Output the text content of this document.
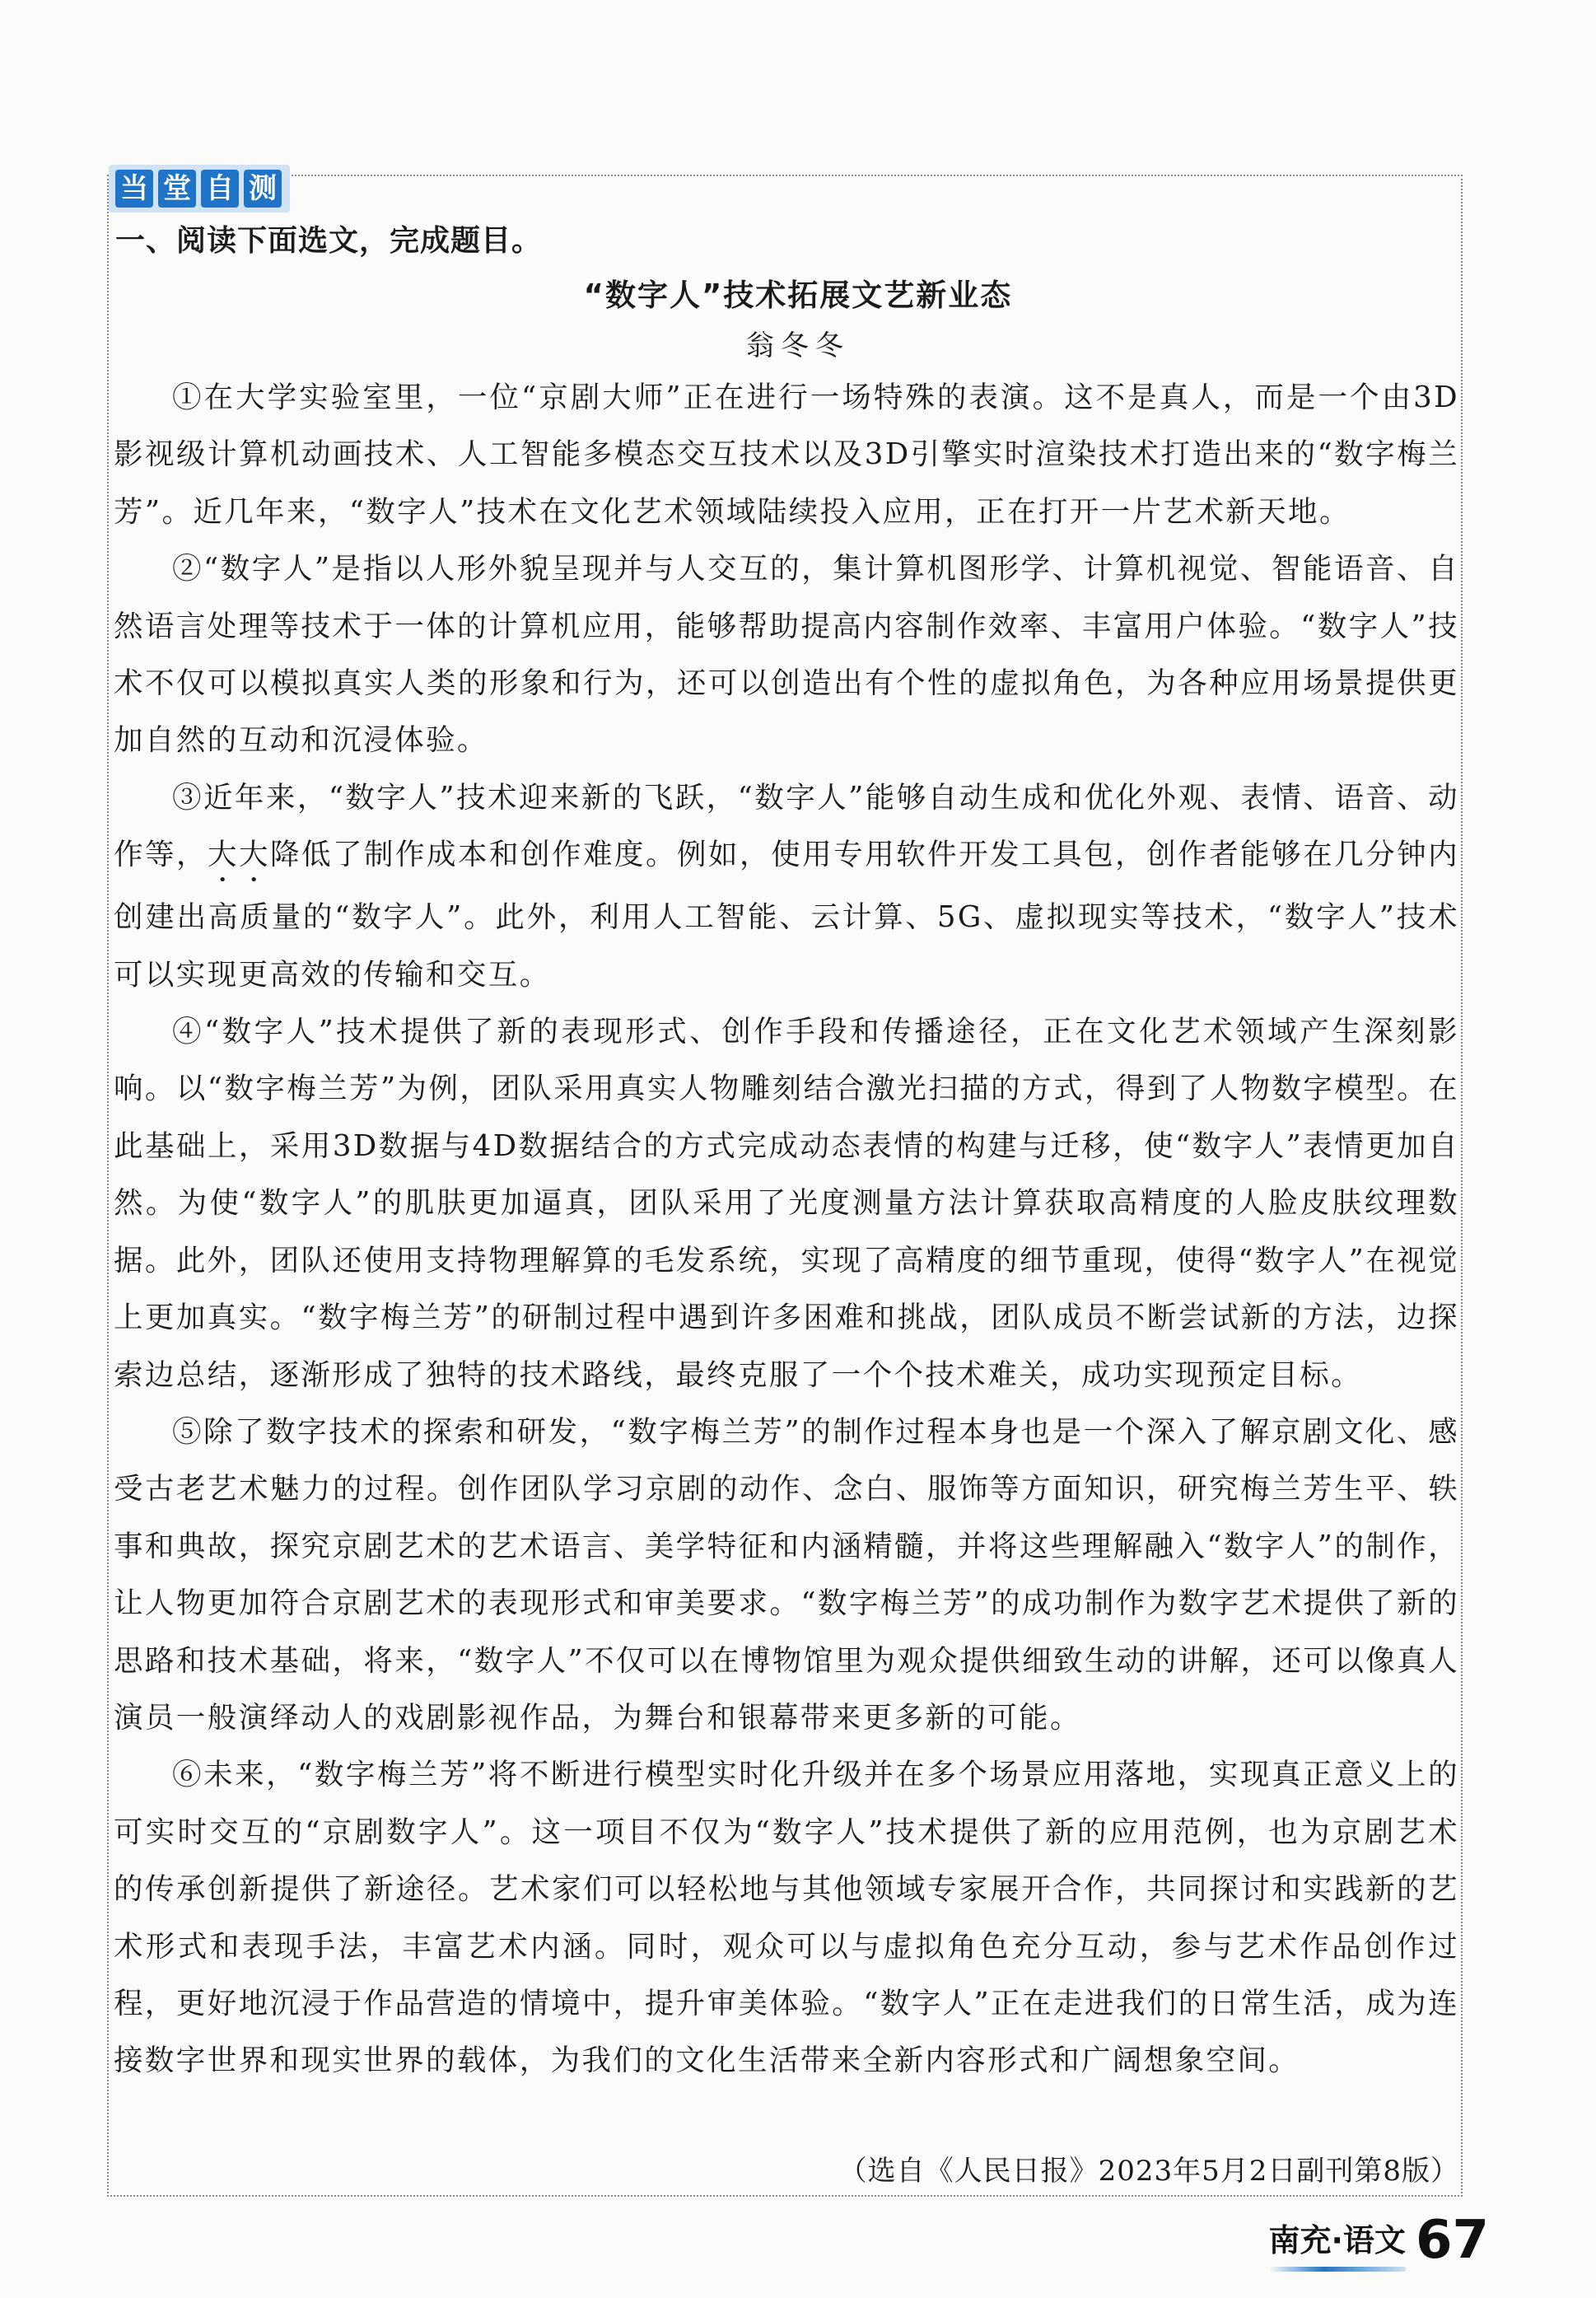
当 堂 自 测
一、阅读下面选文，完成题目。
“数字人”技术拓展文艺新业态
翁冬冬

①在大学实验室里，一位“京剧大师”正在进行一场特殊的表演。这不是真人，而是一个由3D影视级计算机动画技术、人工智能多模态交互技术以及3D引擎实时渲染技术打造出来的“数字梅兰芳”。近几年来，“数字人”技术在文化艺术领域陆续投入应用，正在打开一片艺术新天地。

②“数字人”是指以人形外貌呈现并与人交互的，集计算机图形学、计算机视觉、智能语音、自然语言处理等技术于一体的计算机应用，能够帮助提高内容制作效率、丰富用户体验。“数字人”技术不仅可以模拟真实人类的形象和行为，还可以创造出有个性的虚拟角色，为各种应用场景提供更加自然的互动和沉浸体验。

③近年来，“数字人”技术迎来新的飞跃，“数字人”能够自动生成和优化外观、表情、语音、动作等，大大降低了制作成本和创作难度。例如，使用专用软件开发工具包，创作者能够在几分钟内创建出高质量的“数字人”。此外，利用人工智能、云计算、5G、虚拟现实等技术，“数字人”技术可以实现更高效的传输和交互。

④“数字人”技术提供了新的表现形式、创作手段和传播途径，正在文化艺术领域产生深刻影响。以“数字梅兰芳”为例，团队采用真实人物雕刻结合激光扫描的方式，得到了人物数字模型。在此基础上，采用3D数据与4D数据结合的方式完成动态表情的构建与迁移，使“数字人”表情更加自然。为使“数字人”的肌肤更加逼真，团队采用了光度测量方法计算获取高精度的人脸皮肤纹理数据。此外，团队还使用支持物理解算的毛发系统，实现了高精度的细节重现，使得“数字人”在视觉上更加真实。“数字梅兰芳”的研制过程中遇到许多困难和挑战，团队成员不断尝试新的方法，边探索边总结，逐渐形成了独特的技术路线，最终克服了一个个技术难关，成功实现预定目标。

⑤除了数字技术的探索和研发，“数字梅兰芳”的制作过程本身也是一个深入了解京剧文化、感受古老艺术魅力的过程。创作团队学习京剧的动作、念白、服饰等方面知识，研究梅兰芳生平、轶事和典故，探究京剧艺术的艺术语言、美学特征和内涵精髓，并将这些理解融入“数字人”的制作，让人物更加符合京剧艺术的表现形式和审美要求。“数字梅兰芳”的成功制作为数字艺术提供了新的思路和技术基础，将来，“数字人”不仅可以在博物馆里为观众提供细致生动的讲解，还可以像真人演员一般演绎动人的戏剧影视作品，为舞台和银幕带来更多新的可能。

⑥未来，“数字梅兰芳”将不断进行模型实时化升级并在多个场景应用落地，实现真正意义上的可实时交互的“京剧数字人”。这一项目不仅为“数字人”技术提供了新的应用范例，也为京剧艺术的传承创新提供了新途径。艺术家们可以轻松地与其他领域专家展开合作，共同探讨和实践新的艺术形式和表现手法，丰富艺术内涵。同时，观众可以与虚拟角色充分互动，参与艺术作品创作过程，更好地沉浸于作品营造的情境中，提升审美体验。“数字人”正在走进我们的日常生活，成为连接数字世界和现实世界的载体，为我们的文化生活带来全新内容形式和广阔想象空间。

（选自《人民日报》2023年5月2日副刊第8版）
南充·语文 67
